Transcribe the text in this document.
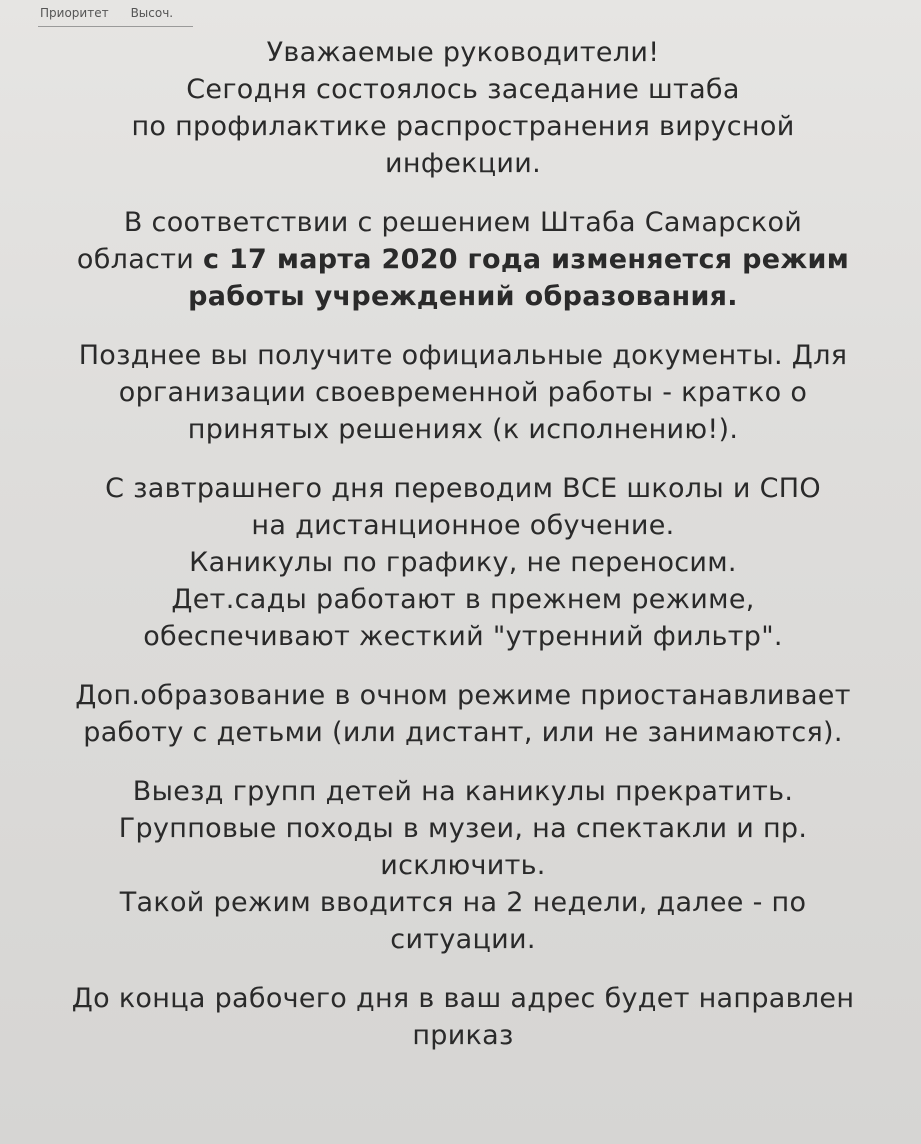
Приоритет Высоч.

Уважаемые руководители!
Сегодня состоялось заседание штаба
по профилактике распространения вирусной
инфекции.

В соответствии с решением Штаба Самарской
области с 17 марта 2020 года изменяется режим
работы учреждений образования.

Позднее вы получите официальные документы. Для
организации своевременной работы - кратко о
принятых решениях (к исполнению!).

С завтрашнего дня переводим ВСЕ школы и СПО
на дистанционное обучение.
Каникулы по графику, не переносим.
Дет.сады работают в прежнем режиме,
обеспечивают жесткий "утренний фильтр".

Доп.образование в очном режиме приостанавливает
работу с детьми (или дистант, или не занимаются).

Выезд групп детей на каникулы прекратить.
Групповые походы в музеи, на спектакли и пр.
исключить.
Такой режим вводится на 2 недели, далее - по
ситуации.

До конца рабочего дня в ваш адрес будет направлен
приказ
